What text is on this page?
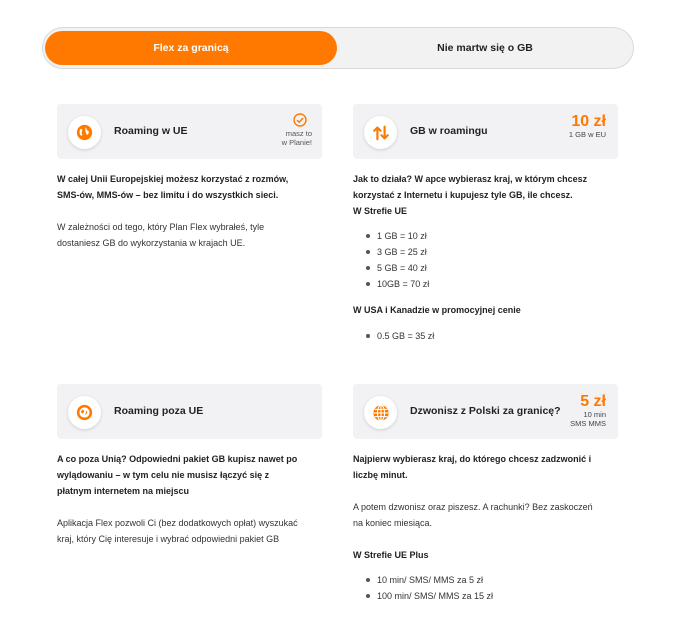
Flex za granicą	Nie martw się o GB
Roaming w UE	masz to
w Planie!
W całej Unii Europejskiej możesz korzystać z rozmów,
SMS-ów, MMS-ów – bez limitu i do wszystkich sieci.
W zależności od tego, który Plan Flex wybrałeś, tyle
dostaniesz GB do wykorzystania w krajach UE.
GB w roamingu
10 zł
1 GB w EU
Jak to działa? W apce wybierasz kraj, w którym chcesz
korzystać z Internetu i kupujesz tyle GB, ile chcesz.
W Strefie UE
1 GB = 10 zł
3 GB = 25 zł
5 GB = 40 zł
10GB = 70 zł
W USA i Kanadzie w promocyjnej cenie
0.5 GB = 35 zł
Roaming poza UE
A co poza Unią? Odpowiedni pakiet GB kupisz nawet po
wylądowaniu – w tym celu nie musisz łączyć się z
płatnym internetem na miejscu
Aplikacja Flex pozwoli Ci (bez dodatkowych opłat) wyszukać
kraj, który Cię interesuje i wybrać odpowiedni pakiet GB
Dzwonisz z Polski za granicę?
5 zł
10 min
SMS MMS
Najpierw wybierasz kraj, do którego chcesz zadzwonić i
liczbę minut.
A potem dzwonisz oraz piszesz. A rachunki? Bez zaskoczeń
na koniec miesiąca.
W Strefie UE Plus
10 min/ SMS/ MMS za 5 zł
100 min/ SMS/ MMS za 15 zł
